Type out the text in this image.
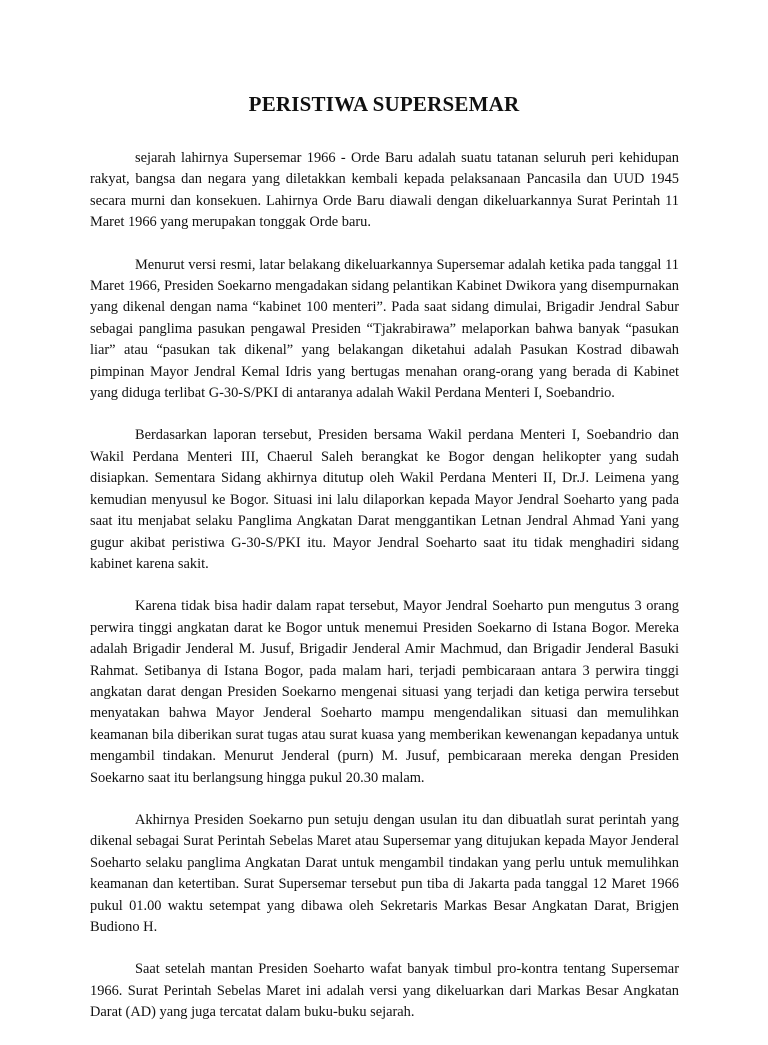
PERISTIWA SUPERSEMAR

sejarah lahirnya Supersemar 1966 - Orde Baru adalah suatu tatanan seluruh peri kehidupan rakyat, bangsa dan negara yang diletakkan kembali kepada pelaksanaan Pancasila dan UUD 1945 secara murni dan konsekuen. Lahirnya Orde Baru diawali dengan dikeluarkannya Surat Perintah 11 Maret 1966 yang merupakan tonggak Orde baru.

Menurut versi resmi, latar belakang dikeluarkannya Supersemar adalah ketika pada tanggal 11 Maret 1966, Presiden Soekarno mengadakan sidang pelantikan Kabinet Dwikora yang disempurnakan yang dikenal dengan nama “kabinet 100 menteri”. Pada saat sidang dimulai, Brigadir Jendral Sabur sebagai panglima pasukan pengawal Presiden “Tjakrabirawa” melaporkan bahwa banyak “pasukan liar” atau “pasukan tak dikenal” yang belakangan diketahui adalah Pasukan Kostrad dibawah pimpinan Mayor Jendral Kemal Idris yang bertugas menahan orang-orang yang berada di Kabinet yang diduga terlibat G-30-S/PKI di antaranya adalah Wakil Perdana Menteri I, Soebandrio.

Berdasarkan laporan tersebut, Presiden bersama Wakil perdana Menteri I, Soebandrio dan Wakil Perdana Menteri III, Chaerul Saleh berangkat ke Bogor dengan helikopter yang sudah disiapkan. Sementara Sidang akhirnya ditutup oleh Wakil Perdana Menteri II, Dr.J. Leimena yang kemudian menyusul ke Bogor. Situasi ini lalu dilaporkan kepada Mayor Jendral Soeharto yang pada saat itu menjabat selaku Panglima Angkatan Darat menggantikan Letnan Jendral Ahmad Yani yang gugur akibat peristiwa G-30-S/PKI itu. Mayor Jendral Soeharto saat itu tidak menghadiri sidang kabinet karena sakit.

Karena tidak bisa hadir dalam rapat tersebut, Mayor Jendral Soeharto pun mengutus 3 orang perwira tinggi angkatan darat ke Bogor untuk menemui Presiden Soekarno di Istana Bogor. Mereka adalah Brigadir Jenderal M. Jusuf, Brigadir Jenderal Amir Machmud, dan Brigadir Jenderal Basuki Rahmat. Setibanya di Istana Bogor, pada malam hari, terjadi pembicaraan antara 3 perwira tinggi angkatan darat dengan Presiden Soekarno mengenai situasi yang terjadi dan ketiga perwira tersebut menyatakan bahwa Mayor Jenderal Soeharto mampu mengendalikan situasi dan memulihkan keamanan bila diberikan surat tugas atau surat kuasa yang memberikan kewenangan kepadanya untuk mengambil tindakan. Menurut Jenderal (purn) M. Jusuf, pembicaraan mereka dengan Presiden Soekarno saat itu berlangsung hingga pukul 20.30 malam.

Akhirnya Presiden Soekarno pun setuju dengan usulan itu dan dibuatlah surat perintah yang dikenal sebagai Surat Perintah Sebelas Maret atau Supersemar yang ditujukan kepada Mayor Jenderal Soeharto selaku panglima Angkatan Darat untuk mengambil tindakan yang perlu untuk memulihkan keamanan dan ketertiban. Surat Supersemar tersebut pun tiba di Jakarta pada tanggal 12 Maret 1966 pukul 01.00 waktu setempat yang dibawa oleh Sekretaris Markas Besar Angkatan Darat, Brigjen Budiono H.

Saat setelah mantan Presiden Soeharto wafat banyak timbul pro-kontra tentang Supersemar 1966. Surat Perintah Sebelas Maret ini adalah versi yang dikeluarkan dari Markas Besar Angkatan Darat (AD) yang juga tercatat dalam buku-buku sejarah.
